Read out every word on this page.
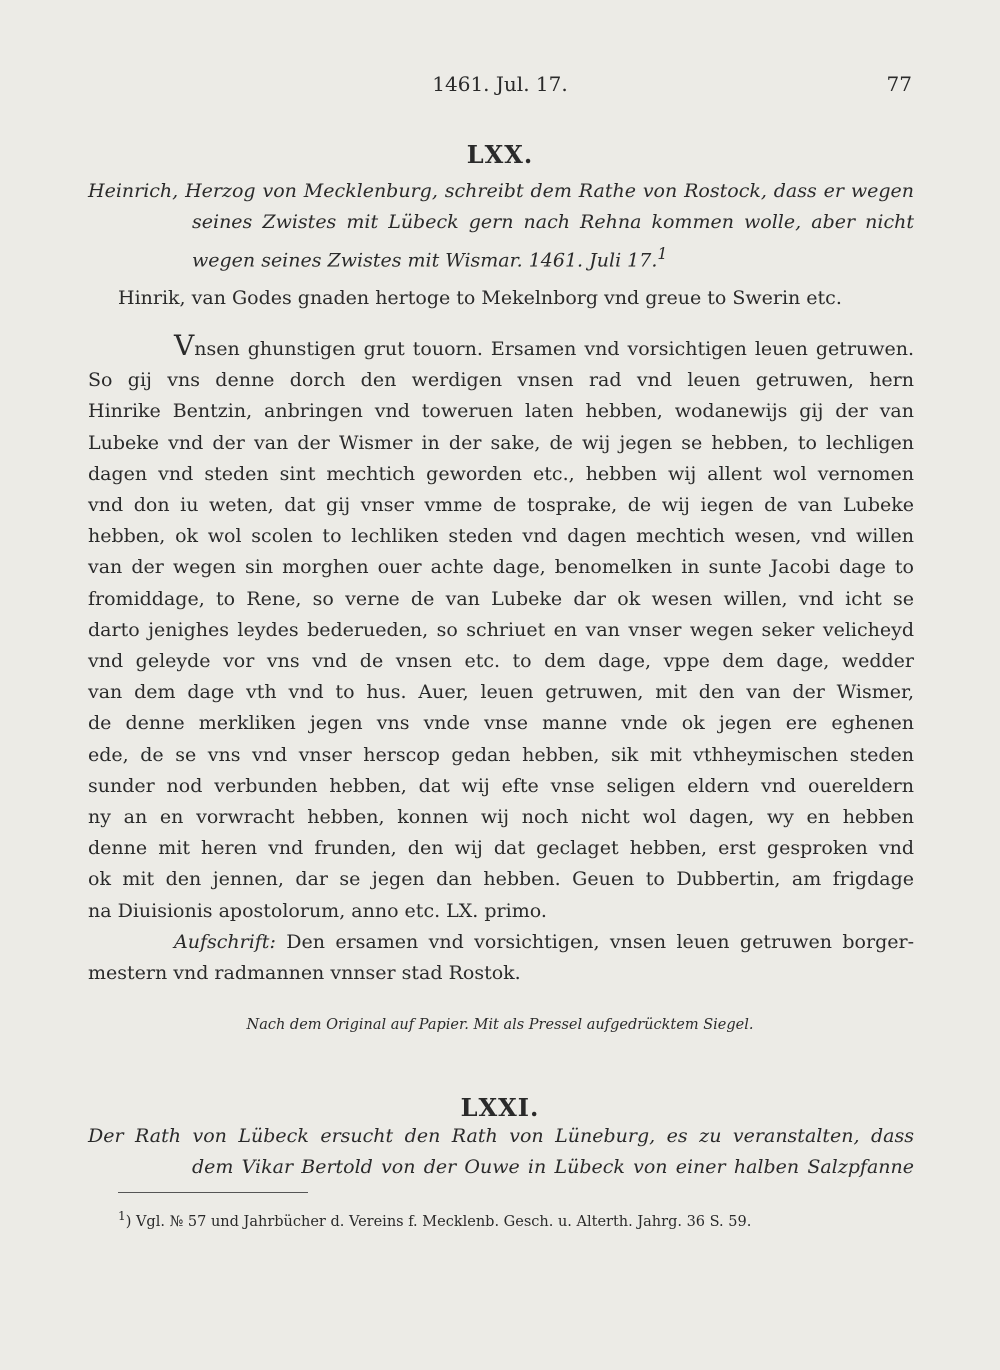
1461. Jul. 17.	77
LXX.
Heinrich, Herzog von Mecklenburg, schreibt dem Rathe von Rostock, dass er wegen
seines Zwistes mit Lübeck gern nach Rehna kommen wolle, aber nicht
wegen seines Zwistes mit Wismar. 1461. Juli 17.$^1$
Hinrik, van Godes gnaden hertoge to Mekelnborg vnd greue to Swerin etc.
Vnsen ghunstigen grut touorn. Ersamen vnd vorsichtigen leuen getruwen.
So gij vns denne dorch den werdigen vnsen rad vnd leuen getruwen, hern
Hinrike Bentzin, anbringen vnd toweruen laten hebben, wodanewijs gij der van
Lubeke vnd der van der Wismer in der sake, de wij jegen se hebben, to lechligen
dagen vnd steden sint mechtich geworden etc., hebben wij allent wol vernomen
vnd don iu weten, dat gij vnser vmme de tosprake, de wij iegen de van Lubeke
hebben, ok wol scolen to lechliken steden vnd dagen mechtich wesen, vnd willen
van der wegen sin morghen ouer achte dage, benomelken in sunte Jacobi dage to
fromiddage, to Rene, so verne de van Lubeke dar ok wesen willen, vnd icht se
darto jenighes leydes bederueden, so schriuet en van vnser wegen seker velicheyd
vnd geleyde vor vns vnd de vnsen etc. to dem dage, vppe dem dage, wedder
van dem dage vth vnd to hus. Auer, leuen getruwen, mit den van der Wismer,
de denne merkliken jegen vns vnde vnse manne vnde ok jegen ere eghenen
ede, de se vns vnd vnser herscop gedan hebben, sik mit vthheymischen steden
sunder nod verbunden hebben, dat wij efte vnse seligen eldern vnd ouereldern
ny an en vorwracht hebben, konnen wij noch nicht wol dagen, wy en hebben
denne mit heren vnd frunden, den wij dat geclaget hebben, erst gesproken vnd
ok mit den jennen, dar se jegen dan hebben. Geuen to Dubbertin, am frigdage
na Diuisionis apostolorum, anno etc. LX. primo.
Aufschrift: Den ersamen vnd vorsichtigen, vnsen leuen getruwen borger-
mestern vnd radmannen vnnser stad Rostok.
Nach dem Original auf Papier. Mit als Pressel aufgedrücktem Siegel.
LXXI.
Der Rath von Lübeck ersucht den Rath von Lüneburg, es zu veranstalten, dass
dem Vikar Bertold von der Ouwe in Lübeck von einer halben Salzpfanne
$^1$) Vgl. № 57 und Jahrbücher d. Vereins f. Mecklenb. Gesch. u. Alterth. Jahrg. 36 S. 59.
